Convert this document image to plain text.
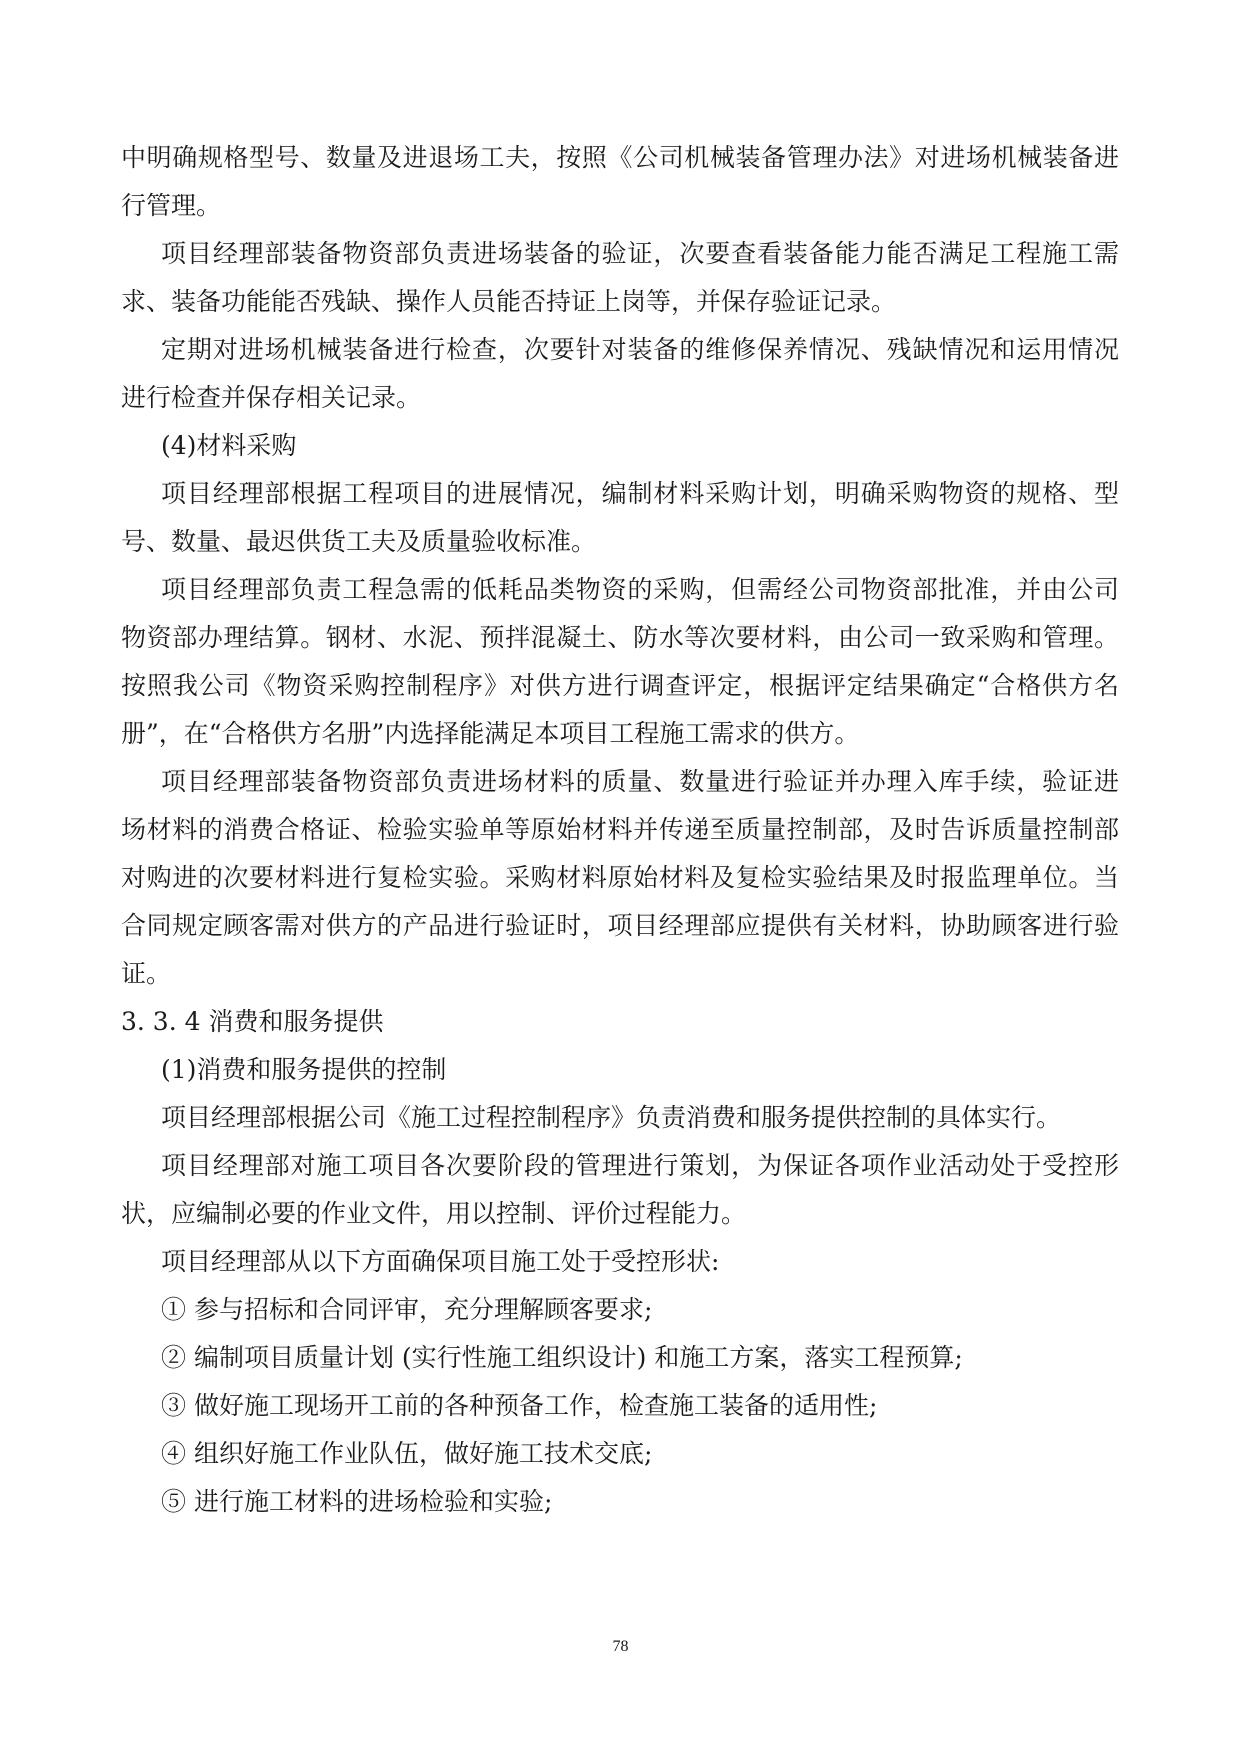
中明确规格型号、数量及进退场工夫，按照《公司机械装备管理办法》对进场机械装备进
行管理。
项目经理部装备物资部负责进场装备的验证，次要查看装备能力能否满足工程施工需
求、装备功能能否残缺、操作人员能否持证上岗等，并保存验证记录。
定期对进场机械装备进行检查，次要针对装备的维修保养情况、残缺情况和运用情况
进行检查并保存相关记录。
(4)材料采购
项目经理部根据工程项目的进展情况，编制材料采购计划，明确采购物资的规格、型
号、数量、最迟供货工夫及质量验收标准。
项目经理部负责工程急需的低耗品类物资的采购，但需经公司物资部批准，并由公司
物资部办理结算。钢材、水泥、预拌混凝土、防水等次要材料，由公司一致采购和管理。
按照我公司《物资采购控制程序》对供方进行调查评定，根据评定结果确定“合格供方名
册”，在“合格供方名册”内选择能满足本项目工程施工需求的供方。
项目经理部装备物资部负责进场材料的质量、数量进行验证并办理入库手续，验证进
场材料的消费合格证、检验实验单等原始材料并传递至质量控制部，及时告诉质量控制部
对购进的次要材料进行复检实验。采购材料原始材料及复检实验结果及时报监理单位。当
合同规定顾客需对供方的产品进行验证时，项目经理部应提供有关材料，协助顾客进行验
证。
3. 3. 4 消费和服务提供
(1)消费和服务提供的控制
项目经理部根据公司《施工过程控制程序》负责消费和服务提供控制的具体实行。
项目经理部对施工项目各次要阶段的管理进行策划，为保证各项作业活动处于受控形
状，应编制必要的作业文件，用以控制、评价过程能力。
项目经理部从以下方面确保项目施工处于受控形状:
① 参与招标和合同评审，充分理解顾客要求;
② 编制项目质量计划 (实行性施工组织设计) 和施工方案，落实工程预算;
③ 做好施工现场开工前的各种预备工作，检查施工装备的适用性;
④ 组织好施工作业队伍，做好施工技术交底;
⑤ 进行施工材料的进场检验和实验;
78
